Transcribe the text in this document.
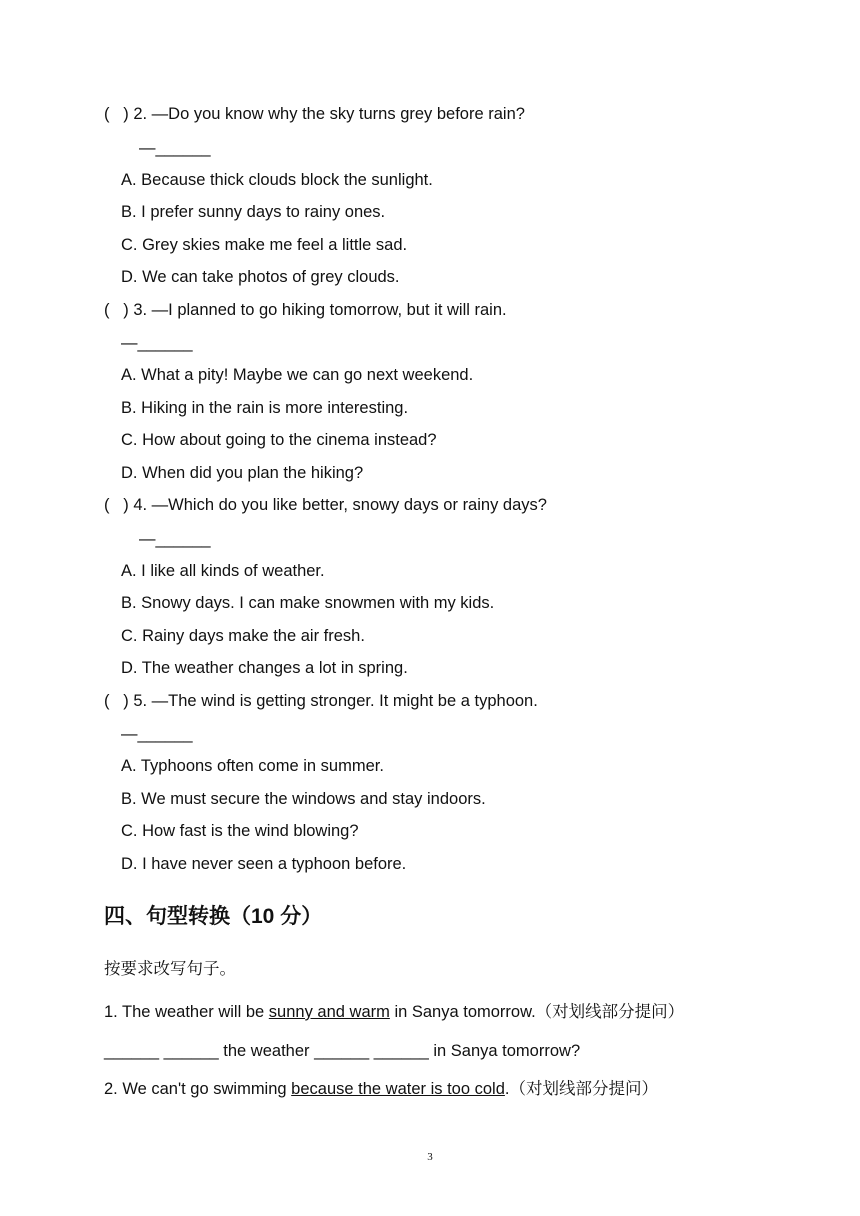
(   ) 2. —Do you know why the sky turns grey before rain?
—______
A. Because thick clouds block the sunlight.
B. I prefer sunny days to rainy ones.
C. Grey skies make me feel a little sad.
D. We can take photos of grey clouds.
(   ) 3. —I planned to go hiking tomorrow, but it will rain.
—______
A. What a pity! Maybe we can go next weekend.
B. Hiking in the rain is more interesting.
C. How about going to the cinema instead?
D. When did you plan the hiking?
(   ) 4. —Which do you like better, snowy days or rainy days?
—______
A. I like all kinds of weather.
B. Snowy days. I can make snowmen with my kids.
C. Rainy days make the air fresh.
D. The weather changes a lot in spring.
(   ) 5. —The wind is getting stronger. It might be a typhoon.
—______
A. Typhoons often come in summer.
B. We must secure the windows and stay indoors.
C. How fast is the wind blowing?
D. I have never seen a typhoon before.
四、句型转换（10 分）
按要求改写句子。
1. The weather will be sunny and warm in Sanya tomorrow.（对划线部分提问）
______ ______ the weather ______ ______ in Sanya tomorrow?
2. We can't go swimming because the water is too cold.（对划线部分提问）
3
